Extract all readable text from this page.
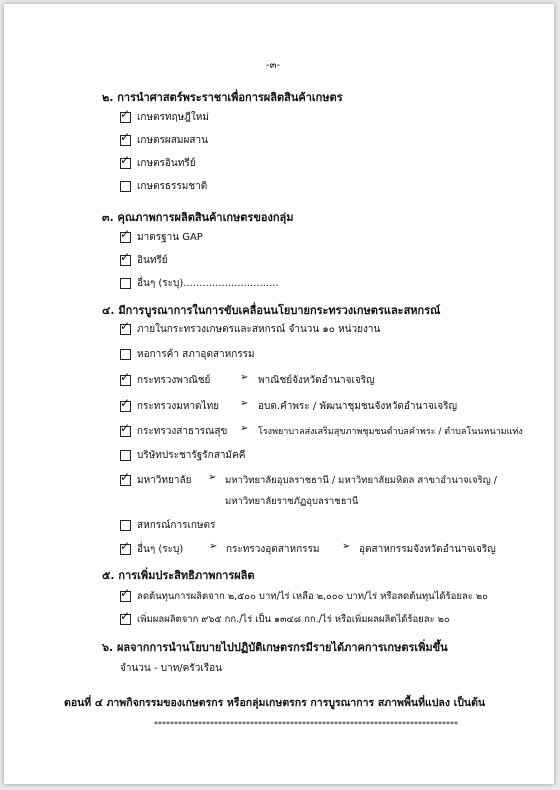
-๓-
๒. การนำศาสตร์พระราชาเพื่อการผลิตสินค้าเกษตร
✓ เกษตรทฤษฎีใหม่
✓ เกษตรผสมผสาน
✓ เกษตรอินทรีย์
เกษตรธรรมชาติ
๓. คุณภาพการผลิตสินค้าเกษตรของกลุ่ม
✓ มาตรฐาน GAP
✓ อินทรีย์
อื่นๆ (ระบุ)..............................
๔. มีการบูรณาการในการขับเคลื่อนนโยบายกระทรวงเกษตรและสหกรณ์
✓ ภายในกระทรวงเกษตรและสหกรณ์ จำนวน ๑๐ หน่วยงาน
หอการค้า สภาอุตสาหกรรม
✓ กระทรวงพาณิชย์	➢ พาณิชย์จังหวัดอำนาจเจริญ
✓ กระทรวงมหาดไทย ➢ อบต.คำพระ / พัฒนาชุมชนจังหวัดอำนาจเจริญ
✓ กระทรวงสาธารณสุข ➢ โรงพยาบาลส่งเสริมสุขภาพชุมชนตำบลคำพระ / ตำบลโนนหนามแท่ง
บริษัทประชารัฐรักสามัคคี
✓ มหาวิทยาลัย ➢ มหาวิทยาลัยอุบลราชธานี / มหาวิทยาลัยมหิดล สาขาอำนาจเจริญ /
มหาวิทยาลัยราชภัฏอุบลราชธานี
สหกรณ์การเกษตร
✓ อื่นๆ (ระบุ)	➢ กระทรวงอุตสาหกรรม ➢ อุตสาหกรรมจังหวัดอำนาจเจริญ
๕. การเพิ่มประสิทธิภาพการผลิต
✓ ลดต้นทุนการผลิตจาก ๒,๕๐๐ บาท/ไร่ เหลือ ๒,๐๐๐ บาท/ไร่ หรือลดต้นทุนได้ร้อยละ ๒๐
✓ เพิ่มผลผลิตจาก ๙๖๕ กก./ไร่ เป็น ๑๓๔๘ กก./ไร่ หรือเพิ่มผลผลิตได้ร้อยละ ๒๐
๖. ผลจากการนำนโยบายไปปฏิบัติเกษตรกรมีรายได้ภาคการเกษตรเพิ่มขึ้น
จำนวน - บาท/ครัวเรือน
ตอนที่ ๔ ภาพกิจกรรมของเกษตรกร หรือกลุ่มเกษตรกร การบูรณาการ สภาพพื้นที่แปลง เป็นต้น
****************************************************************************
